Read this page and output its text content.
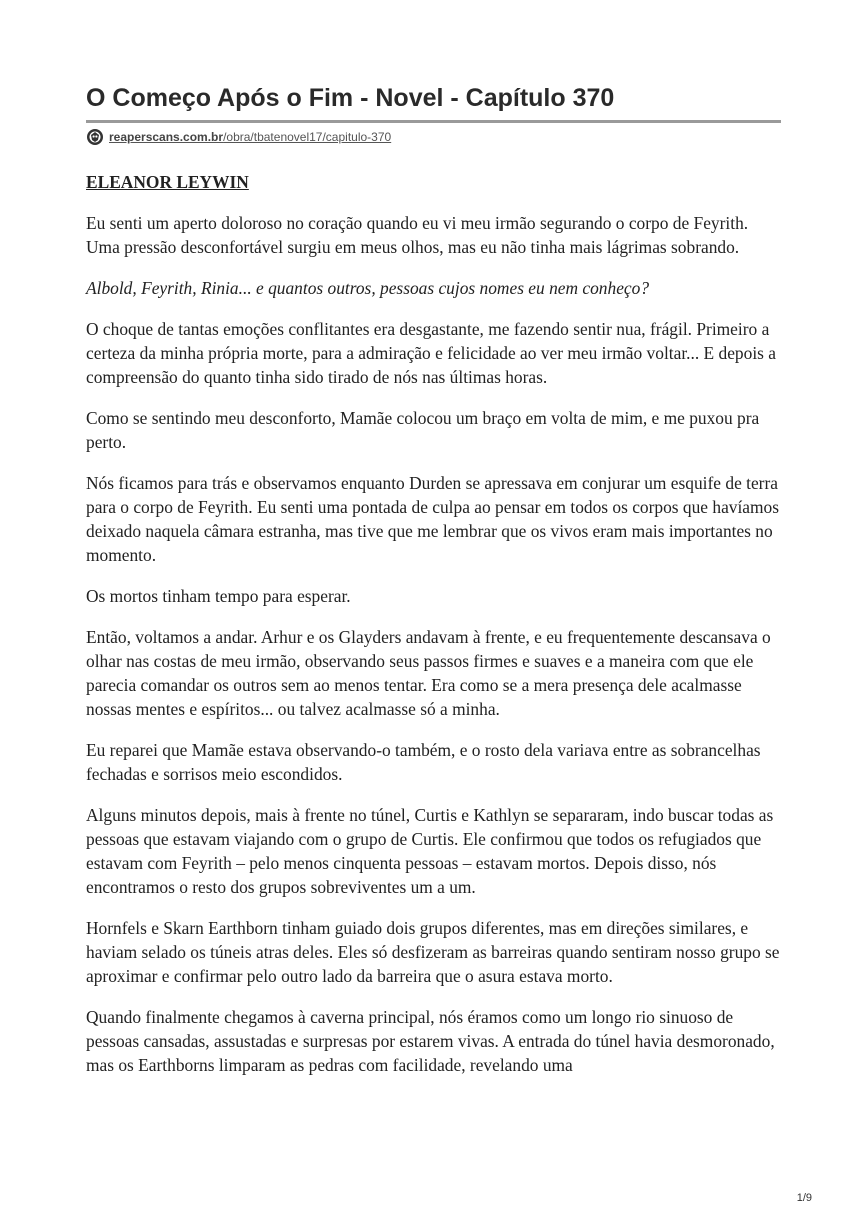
O Começo Após o Fim - Novel - Capítulo 370
reaperscans.com.br/obra/tbatenovel17/capitulo-370

ELEANOR LEYWIN

Eu senti um aperto doloroso no coração quando eu vi meu irmão segurando o corpo de Feyrith. Uma pressão desconfortável surgiu em meus olhos, mas eu não tinha mais lágrimas sobrando.

Albold, Feyrith, Rinia... e quantos outros, pessoas cujos nomes eu nem conheço?

O choque de tantas emoções conflitantes era desgastante, me fazendo sentir nua, frágil. Primeiro a certeza da minha própria morte, para a admiração e felicidade ao ver meu irmão voltar... E depois a compreensão do quanto tinha sido tirado de nós nas últimas horas.

Como se sentindo meu desconforto, Mamãe colocou um braço em volta de mim, e me puxou pra perto.

Nós ficamos para trás e observamos enquanto Durden se apressava em conjurar um esquife de terra para o corpo de Feyrith. Eu senti uma pontada de culpa ao pensar em todos os corpos que havíamos deixado naquela câmara estranha, mas tive que me lembrar que os vivos eram mais importantes no momento.

Os mortos tinham tempo para esperar.

Então, voltamos a andar. Arhur e os Glayders andavam à frente, e eu frequentemente descansava o olhar nas costas de meu irmão, observando seus passos firmes e suaves e a maneira com que ele parecia comandar os outros sem ao menos tentar. Era como se a mera presença dele acalmasse nossas mentes e espíritos... ou talvez acalmasse só a minha.

Eu reparei que Mamãe estava observando-o também, e o rosto dela variava entre as sobrancelhas fechadas e sorrisos meio escondidos.

Alguns minutos depois, mais à frente no túnel, Curtis e Kathlyn se separaram, indo buscar todas as pessoas que estavam viajando com o grupo de Curtis. Ele confirmou que todos os refugiados que estavam com Feyrith – pelo menos cinquenta pessoas – estavam mortos. Depois disso, nós encontramos o resto dos grupos sobreviventes um a um.

Hornfels e Skarn Earthborn tinham guiado dois grupos diferentes, mas em direções similares, e haviam selado os túneis atras deles. Eles só desfizeram as barreiras quando sentiram nosso grupo se aproximar e confirmar pelo outro lado da barreira que o asura estava morto.

Quando finalmente chegamos à caverna principal, nós éramos como um longo rio sinuoso de pessoas cansadas, assustadas e surpresas por estarem vivas. A entrada do túnel havia desmoronado, mas os Earthborns limparam as pedras com facilidade, revelando uma

1/9
